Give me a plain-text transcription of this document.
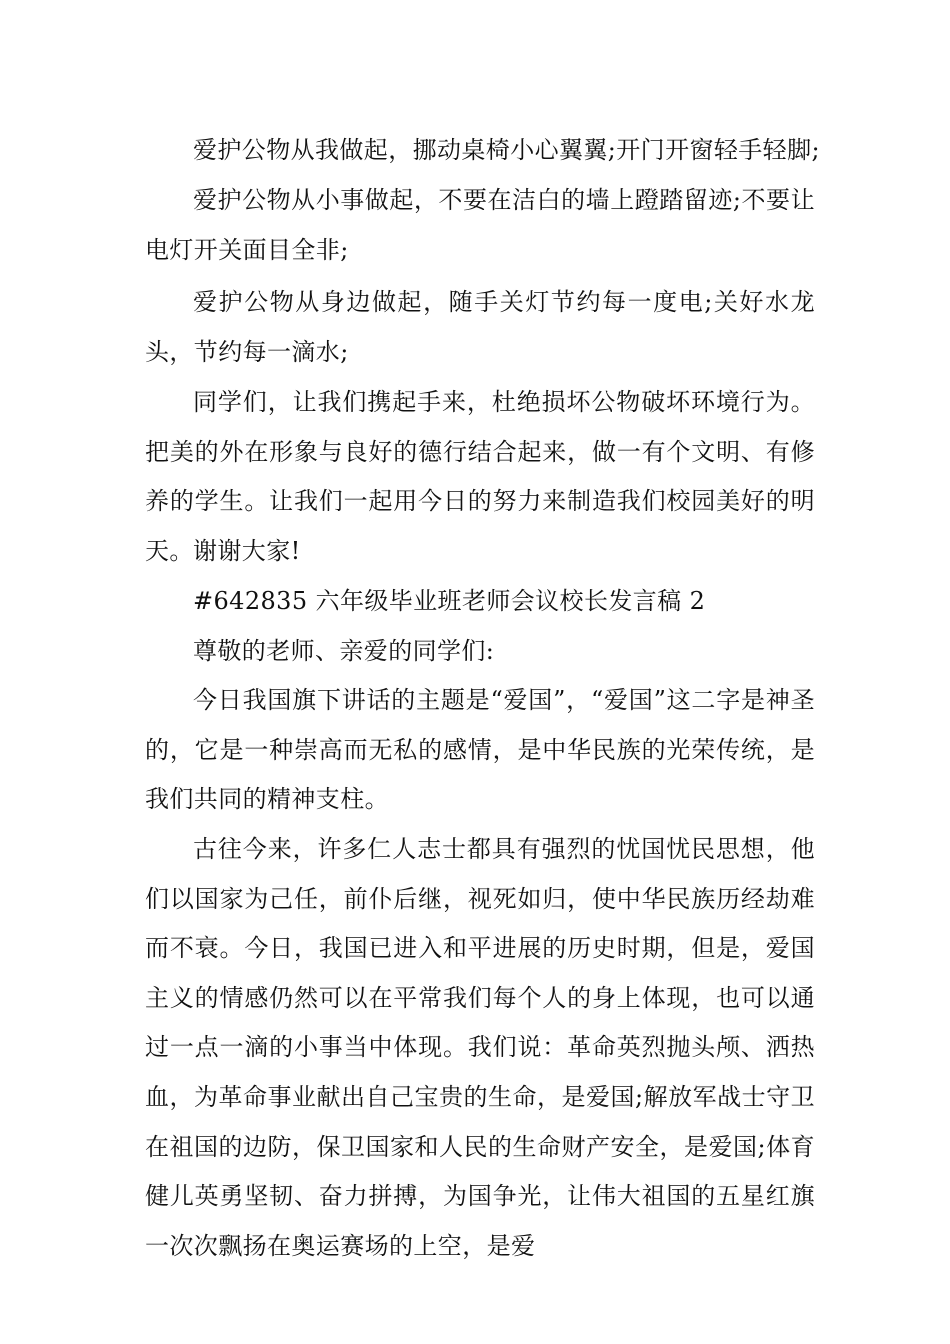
爱护公物从我做起，挪动桌椅小心翼翼;开门开窗轻手轻脚;

爱护公物从小事做起，不要在洁白的墙上蹬踏留迹;不要让电灯开关面目全非;

爱护公物从身边做起，随手关灯节约每一度电;关好水龙头，节约每一滴水;

同学们，让我们携起手来，杜绝损坏公物破坏环境行为。把美的外在形象与良好的德行结合起来，做一有个文明、有修养的学生。让我们一起用今日的努力来制造我们校园美好的明天。 谢谢大家!

#642835 六年级毕业班老师会议校长发言稿 2

尊敬的老师、亲爱的同学们:

今日我国旗下讲话的主题是“爱国”，“爱国”这二字是神圣的，它是一种崇高而无私的感情，是中华民族的光荣传统，是我们共同的精神支柱。

古往今来，许多仁人志士都具有强烈的忧国忧民思想，他们以国家为己任，前仆后继，视死如归，使中华民族历经劫难而不衰。今日，我国已进入和平进展的历史时期，但是，爱国主义的情感仍然可以在平常我们每个人的身上体现，也可以通过一点一滴的小事当中体现。我们说：革命英烈抛头颅、洒热血，为革命事业献出自己宝贵的生命，是爱国;解放军战士守卫在祖国的边防，保卫国家和人民的生命财产安全，是爱国;体育健儿英勇坚韧、奋力拼搏，为国争光，让伟大祖国的五星红旗一次次飘扬在奥运赛场的上空，是爱
